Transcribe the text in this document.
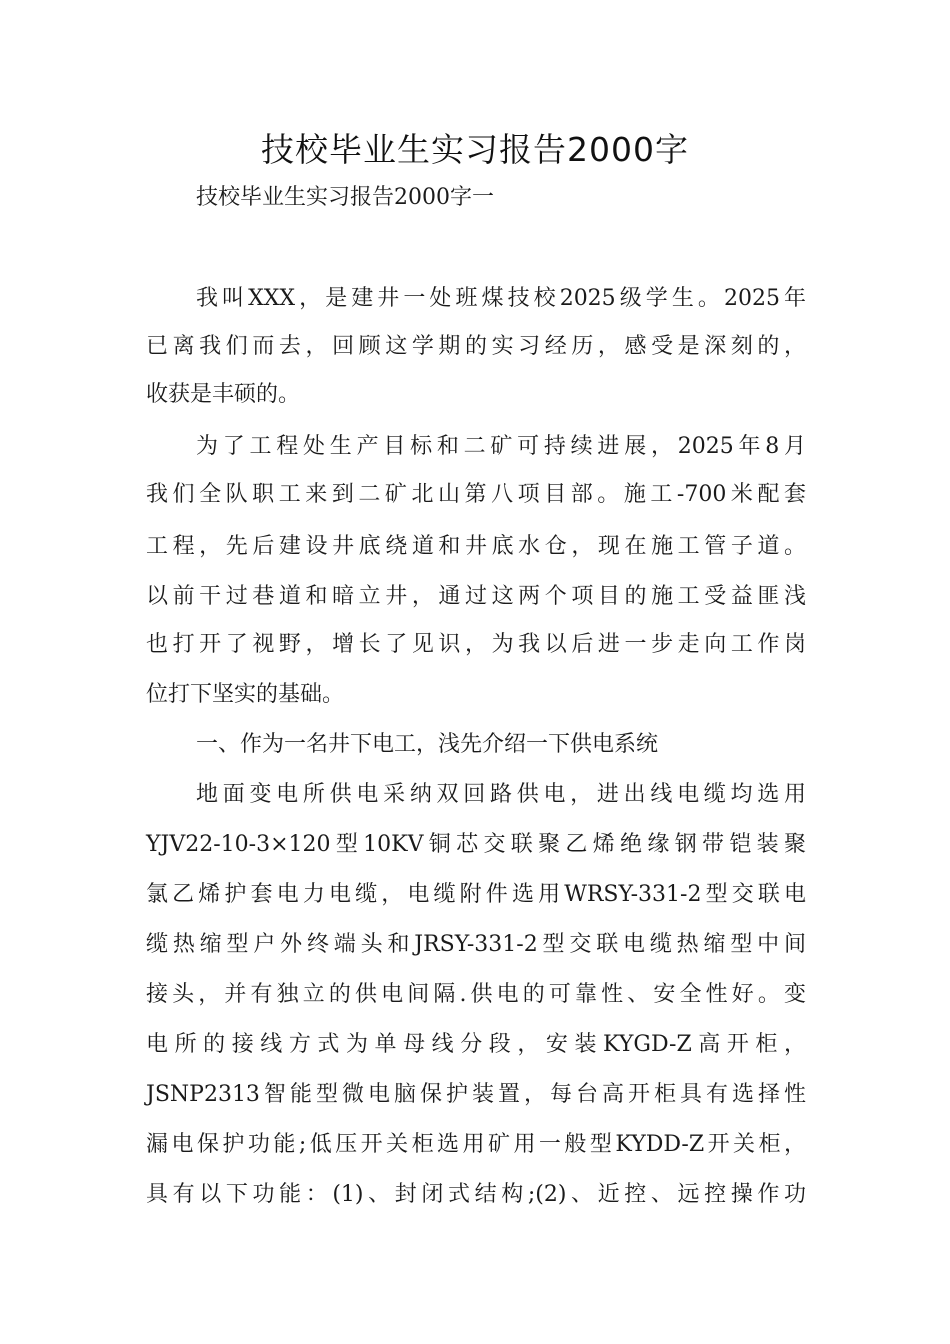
技校毕业生实习报告2000字
技校毕业生实习报告2000字一
我叫XXX，是建井一处班煤技校2025级学生。2025年
已离我们而去，回顾这学期的实习经历，感受是深刻的，
收获是丰硕的。
为了工程处生产目标和二矿可持续进展，2025年8月
我们全队职工来到二矿北山第八项目部。施工-700米配套
工程，先后建设井底绕道和井底水仓，现在施工管子道。
以前干过巷道和暗立井，通过这两个项目的施工受益匪浅
也打开了视野，增长了见识，为我以后进一步走向工作岗
位打下坚实的基础。
一、作为一名井下电工，浅先介绍一下供电系统
地面变电所供电采纳双回路供电，进出线电缆均选用
YJV22-10-3×120型10KV铜芯交联聚乙烯绝缘钢带铠装聚
氯乙烯护套电力电缆，电缆附件选用WRSY-331-2型交联电
缆热缩型户外终端头和JRSY-331-2型交联电缆热缩型中间
接头，并有独立的供电间隔.供电的可靠性、安全性好。变
电所的接线方式为单母线分段，安装KYGD-Z高开柜，
JSNP2313智能型微电脑保护装置，每台高开柜具有选择性
漏电保护功能;低压开关柜选用矿用一般型KYDD-Z开关柜，
具有以下功能：(1)、封闭式结构;(2)、近控、远控操作功
